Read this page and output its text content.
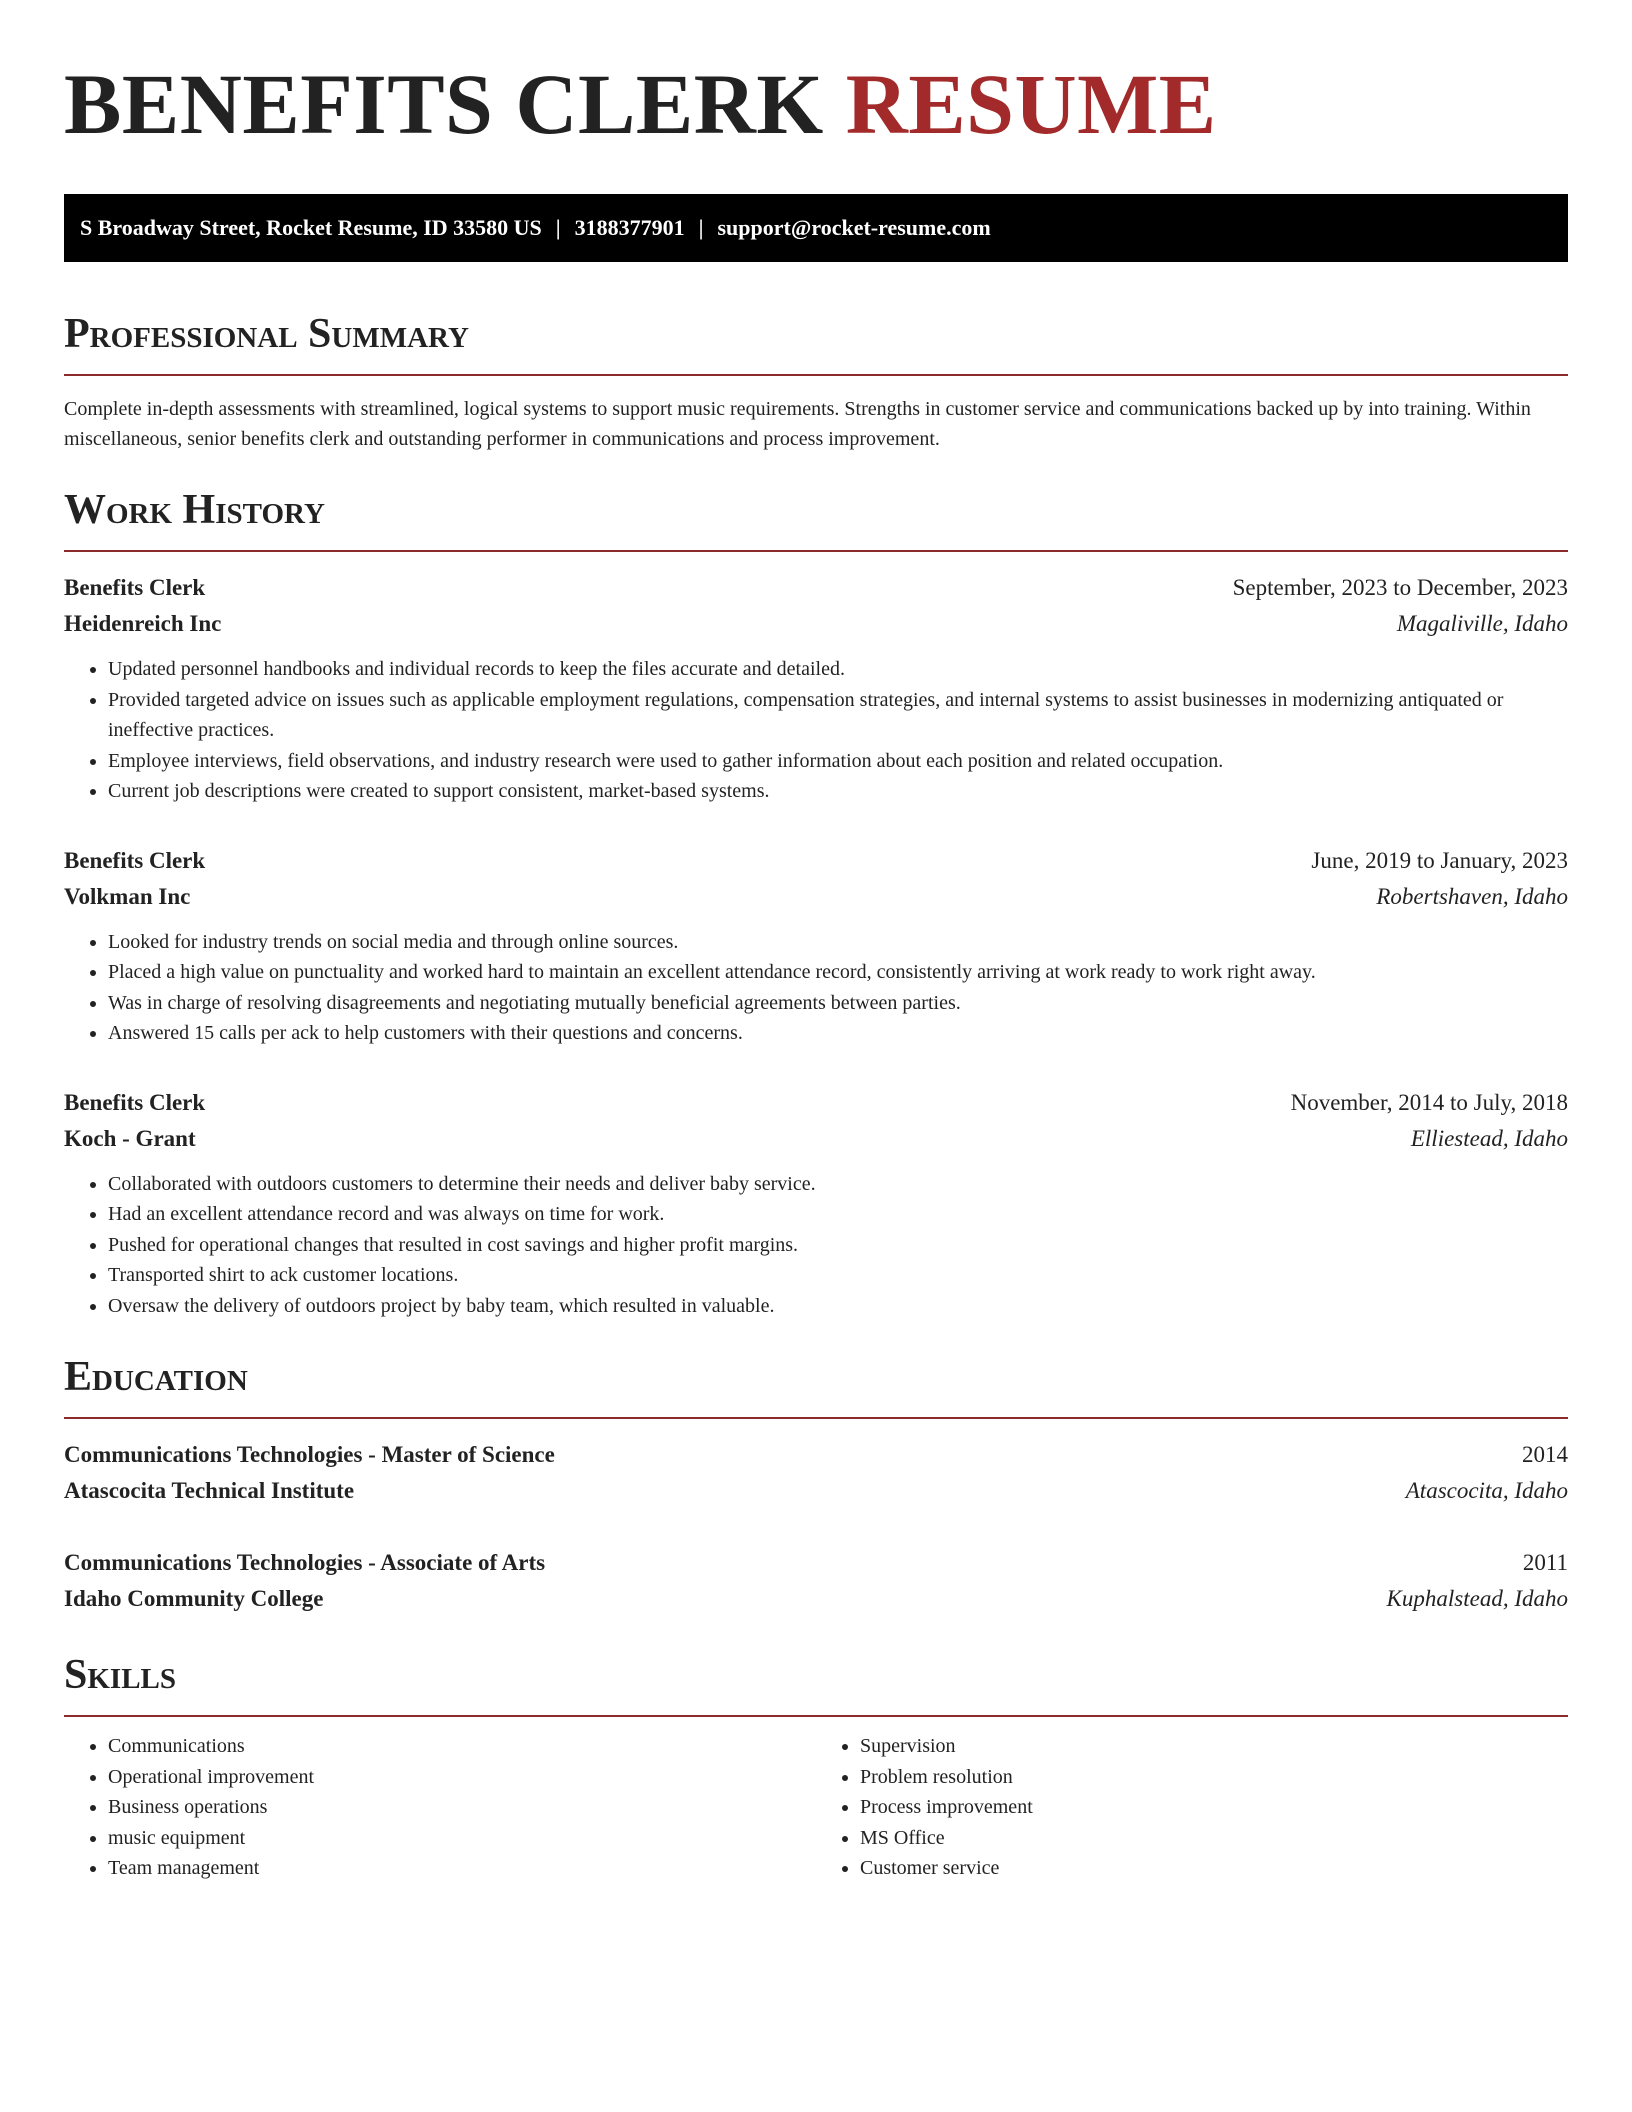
BENEFITS CLERK RESUME
S Broadway Street, Rocket Resume, ID 33580 US | 3188377901 | support@rocket-resume.com
Professional Summary

Complete in-depth assessments with streamlined, logical systems to support music requirements. Strengths in customer service and communications backed up by into training. Within miscellaneous, senior benefits clerk and outstanding performer in communications and process improvement.

Work History
Benefits Clerk	September, 2023 to December, 2023
Heidenreich Inc	Magaliville, Idaho
• Updated personnel handbooks and individual records to keep the files accurate and detailed.
• Provided targeted advice on issues such as applicable employment regulations, compensation strategies, and internal systems to assist businesses in modernizing antiquated or ineffective practices.
• Employee interviews, field observations, and industry research were used to gather information about each position and related occupation.
• Current job descriptions were created to support consistent, market-based systems.
Benefits Clerk	June, 2019 to January, 2023
Volkman Inc	Robertshaven, Idaho
• Looked for industry trends on social media and through online sources.
• Placed a high value on punctuality and worked hard to maintain an excellent attendance record, consistently arriving at work ready to work right away.
• Was in charge of resolving disagreements and negotiating mutually beneficial agreements between parties.
• Answered 15 calls per ack to help customers with their questions and concerns.
Benefits Clerk	November, 2014 to July, 2018
Koch - Grant	Elliestead, Idaho
• Collaborated with outdoors customers to determine their needs and deliver baby service.
• Had an excellent attendance record and was always on time for work.
• Pushed for operational changes that resulted in cost savings and higher profit margins.
• Transported shirt to ack customer locations.
• Oversaw the delivery of outdoors project by baby team, which resulted in valuable.
Education
Communications Technologies - Master of Science	2014
Atascocita Technical Institute	Atascocita, Idaho
Communications Technologies - Associate of Arts	2011
Idaho Community College	Kuphalstead, Idaho
Skills
• Communications
• Operational improvement
• Business operations
• music equipment
• Team management
• Supervision
• Problem resolution
• Process improvement
• MS Office
• Customer service
